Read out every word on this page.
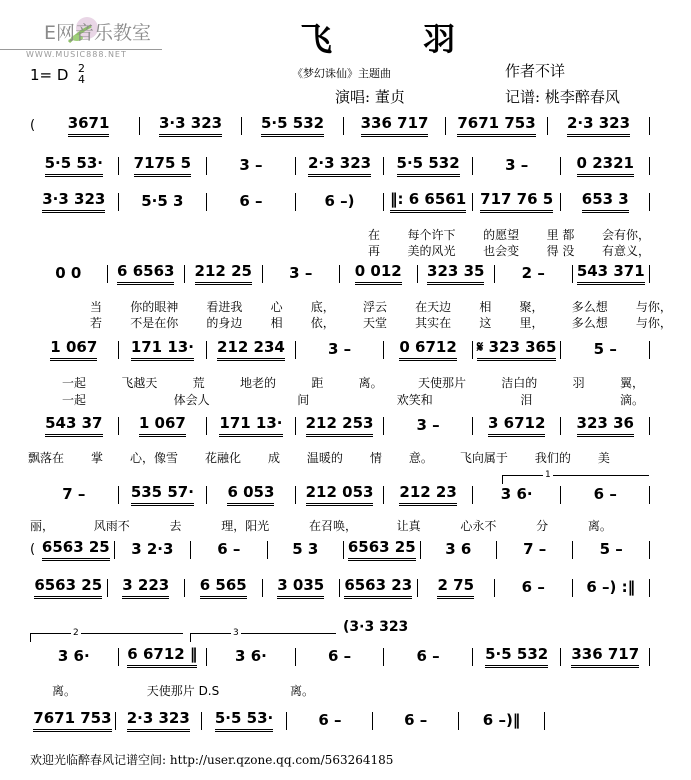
E网音乐教室
WWW.MUSIC888.NET	飞 羽
1= D 2
4	《梦幻诛仙》主题曲	作者不详
演唱: 董贞	记谱: 桃李醉春风
( 3671	3·3 323	5·5 532 336 717 7671 753 2·3 323
5·5 53· 7175 5	3 –	2·3 323 5·5 532	3 –	0 2321
3·3 323 5·5 3	6 –	6 –) ‖: 6 6561 717 76 5 653 3
0 0 6 6563 212 25 3 –	0 012 323 35 2 – 543 371
1 067 171 13· 212 234	3 –	0 6712 𝄋 323 365 5 –
543 37 1 067 171 13· 212 253	3 –	3 6712 323 36
7 –	535 57· 6 053 212 053 212 23	3 6·	6 –
( 6563 25 3 2·3	6 –	5 3 6563 25 3 6	7 –	5 –
6563 25 3 223 6 565 3 035 6563 23 2 75	6 –	6 –) :‖
3 6·	6 6712 ‖	3 6·	6 –	6 –	5·5 532 336 717
7671 753 2·3 323 5·5 53·	6 –	6 –	6 –)‖
在 每个许下 的愿望 里 都 会有你，
再 美的风光 也会变 得 没 有意义，
当 你的眼神 看进我 心 底， 浮云 在天边 相 聚， 多么想 与你，
若 不是在你 的身边 相 依， 天堂 其实在 这 里， 多么想 与你，
一起	飞越天	荒	地老的	距	离。	天使那片	洁白的	羽	翼，
一起	体会人	间	欢笑和	泪	滴。
飘落在 掌 心，像雪 花融化 成 温暖的 情 意。 飞向属于 我们的 美
丽，	风雨不	去	理，阳光	在召唤，	让真	心永不	分	离。
离。	天使那片 D.S	离。
2	3
1
(3·3 323
欢迎光临醉春风记谱空间: http://user.qzone.qq.com/563264185
